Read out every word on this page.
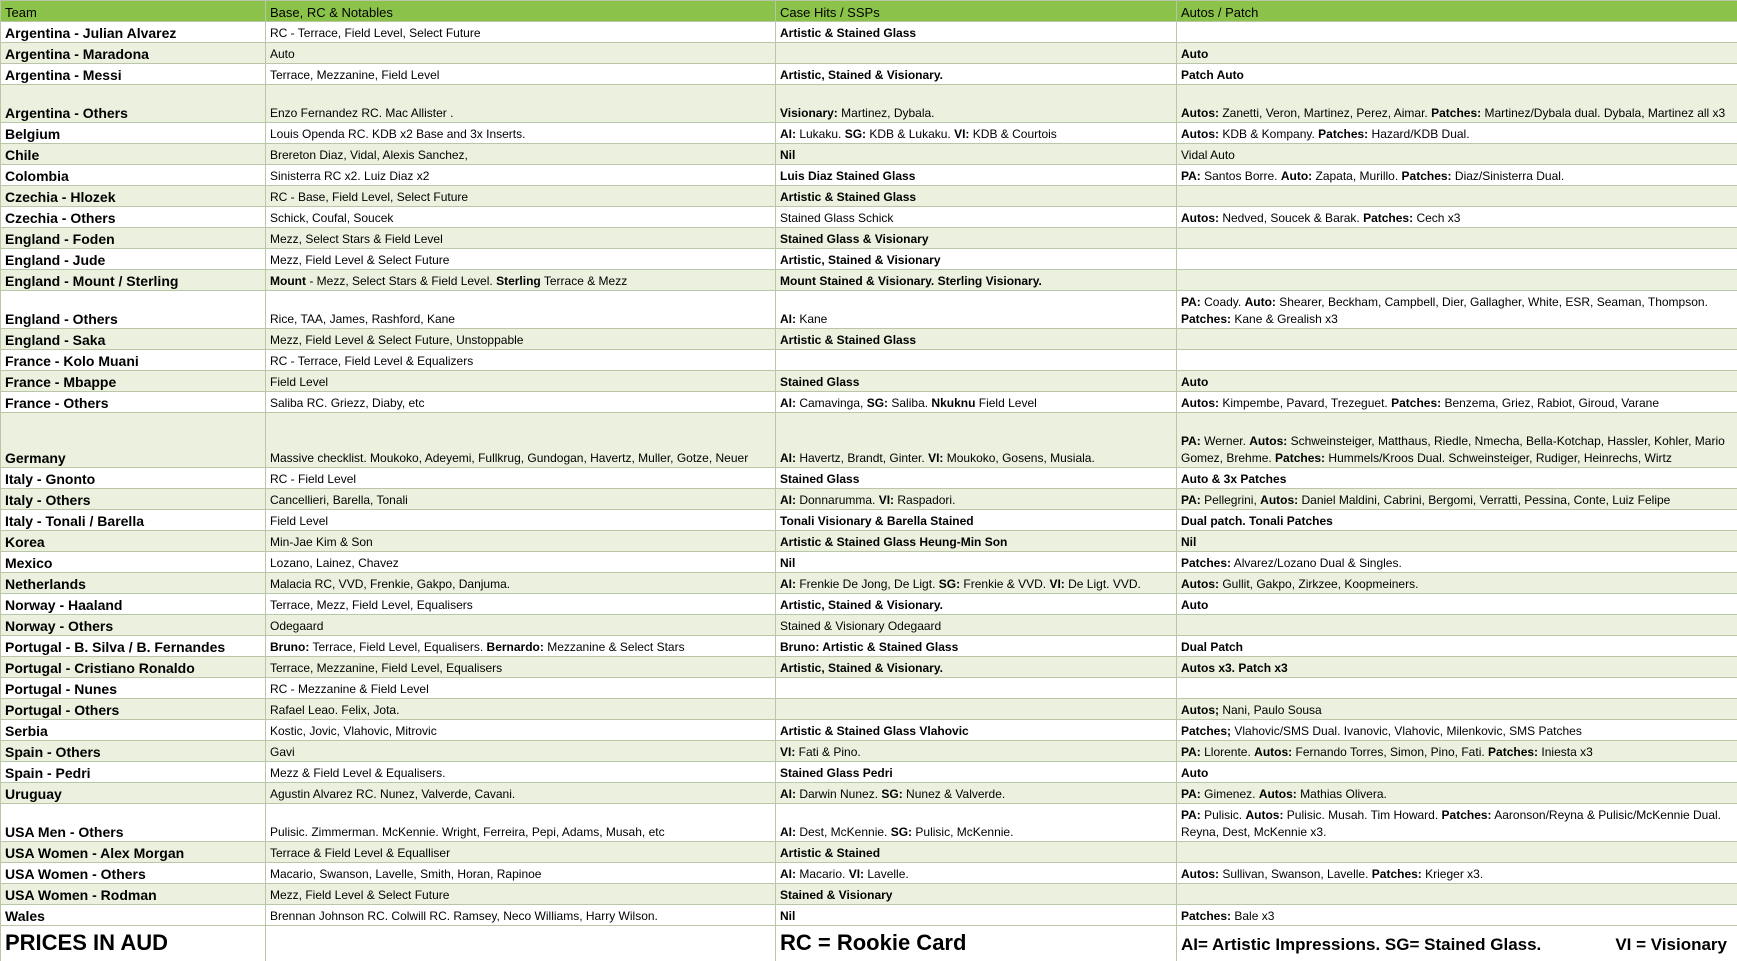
Team	Base, RC & Notables	Case Hits / SSPs	Autos / Patch
Argentina - Julian Alvarez	RC - Terrace, Field Level, Select Future	Artistic & Stained Glass	
Argentina - Maradona	Auto		Auto
Argentina - Messi	Terrace, Mezzanine, Field Level	Artistic, Stained & Visionary.	Patch Auto
Argentina - Others	Enzo Fernandez RC. Mac Allister .	Visionary: Martinez, Dybala.	Autos: Zanetti, Veron, Martinez, Perez, Aimar. Patches: Martinez/Dybala dual. Dybala, Martinez all x3
Belgium	Louis Openda RC. KDB x2 Base and 3x Inserts.	AI: Lukaku. SG: KDB & Lukaku. VI: KDB & Courtois	Autos: KDB & Kompany. Patches: Hazard/KDB Dual.
Chile	Brereton Diaz, Vidal, Alexis Sanchez,	Nil	Vidal Auto
Colombia	Sinisterra RC x2. Luiz Diaz x2	Luis Diaz Stained Glass	PA: Santos Borre. Auto: Zapata, Murillo. Patches: Diaz/Sinisterra Dual.
Czechia - Hlozek	RC - Base, Field Level, Select Future	Artistic & Stained Glass	
Czechia - Others	Schick, Coufal, Soucek	Stained Glass Schick	Autos: Nedved, Soucek & Barak. Patches: Cech x3
England - Foden	Mezz, Select Stars & Field Level	Stained Glass & Visionary	
England - Jude	Mezz, Field Level & Select Future	Artistic, Stained & Visionary	
England - Mount / Sterling	Mount - Mezz, Select Stars & Field Level. Sterling Terrace & Mezz	Mount Stained & Visionary. Sterling Visionary.	
England - Others	Rice, TAA, James, Rashford, Kane	AI: Kane	PA: Coady. Auto: Shearer, Beckham, Campbell, Dier, Gallagher, White, ESR, Seaman, Thompson. Patches: Kane & Grealish x3
England - Saka	Mezz, Field Level & Select Future, Unstoppable	Artistic & Stained Glass	
France - Kolo Muani	RC - Terrace, Field Level & Equalizers		
France - Mbappe	Field Level	Stained Glass	Auto
France - Others	Saliba RC. Griezz, Diaby, etc	AI: Camavinga, SG: Saliba. Nkuknu Field Level	Autos: Kimpembe, Pavard, Trezeguet. Patches: Benzema, Griez, Rabiot, Giroud, Varane
Germany	Massive checklist. Moukoko, Adeyemi, Fullkrug, Gundogan, Havertz, Muller, Gotze, Neuer	AI: Havertz, Brandt, Ginter. VI: Moukoko, Gosens, Musiala.	PA: Werner. Autos: Schweinsteiger, Matthaus, Riedle, Nmecha, Bella-Kotchap, Hassler, Kohler, Mario Gomez, Brehme. Patches: Hummels/Kroos Dual. Schweinsteiger, Rudiger, Heinrechs, Wirtz
Italy - Gnonto	RC - Field Level	Stained Glass	Auto & 3x Patches
Italy - Others	Cancellieri, Barella, Tonali	AI: Donnarumma. VI: Raspadori.	PA: Pellegrini, Autos: Daniel Maldini, Cabrini, Bergomi, Verratti, Pessina, Conte, Luiz Felipe
Italy - Tonali / Barella	Field Level	Tonali Visionary & Barella Stained	Dual patch. Tonali Patches
Korea	Min-Jae Kim & Son	Artistic & Stained Glass Heung-Min Son	Nil
Mexico	Lozano, Lainez, Chavez	Nil	Patches: Alvarez/Lozano Dual & Singles.
Netherlands	Malacia RC, VVD, Frenkie, Gakpo, Danjuma.	AI: Frenkie De Jong, De Ligt. SG: Frenkie & VVD. VI: De Ligt. VVD.	Autos: Gullit, Gakpo, Zirkzee, Koopmeiners.
Norway - Haaland	Terrace, Mezz, Field Level, Equalisers	Artistic, Stained & Visionary.	Auto
Norway - Others	Odegaard	Stained & Visionary Odegaard	
Portugal - B. Silva / B. Fernandes	Bruno: Terrace, Field Level, Equalisers. Bernardo: Mezzanine & Select Stars	Bruno: Artistic & Stained Glass	Dual Patch
Portugal - Cristiano Ronaldo	Terrace, Mezzanine, Field Level, Equalisers	Artistic, Stained & Visionary.	Autos x3. Patch x3
Portugal - Nunes	RC - Mezzanine & Field Level		
Portugal - Others	Rafael Leao. Felix, Jota.		Autos; Nani, Paulo Sousa
Serbia	Kostic, Jovic, Vlahovic, Mitrovic	Artistic & Stained Glass Vlahovic	Patches; Vlahovic/SMS Dual. Ivanovic, Vlahovic, Milenkovic, SMS Patches
Spain - Others	Gavi	VI: Fati & Pino.	PA: Llorente. Autos: Fernando Torres, Simon, Pino, Fati. Patches: Iniesta x3
Spain - Pedri	Mezz & Field Level & Equalisers.	Stained Glass Pedri	Auto
Uruguay	Agustin Alvarez RC. Nunez, Valverde, Cavani.	AI: Darwin Nunez. SG: Nunez & Valverde.	PA: Gimenez. Autos: Mathias Olivera.
USA Men - Others	Pulisic. Zimmerman. McKennie. Wright, Ferreira, Pepi, Adams, Musah, etc	AI: Dest, McKennie. SG: Pulisic, McKennie.	PA: Pulisic. Autos: Pulisic. Musah. Tim Howard. Patches: Aaronson/Reyna & Pulisic/McKennie Dual. Reyna, Dest, McKennie x3.
USA Women - Alex Morgan	Terrace & Field Level & Equalliser	Artistic & Stained	
USA Women - Others	Macario, Swanson, Lavelle, Smith, Horan, Rapinoe	AI: Macario. VI: Lavelle.	Autos: Sullivan, Swanson, Lavelle. Patches: Krieger x3.
USA Women - Rodman	Mezz, Field Level & Select Future	Stained & Visionary	
Wales	Brennan Johnson RC. Colwill RC. Ramsey, Neco Williams, Harry Wilson.	Nil	Patches: Bale x3
PRICES IN AUD		RC = Rookie Card	AI= Artistic Impressions. SG= Stained Glass. VI = Visionary
